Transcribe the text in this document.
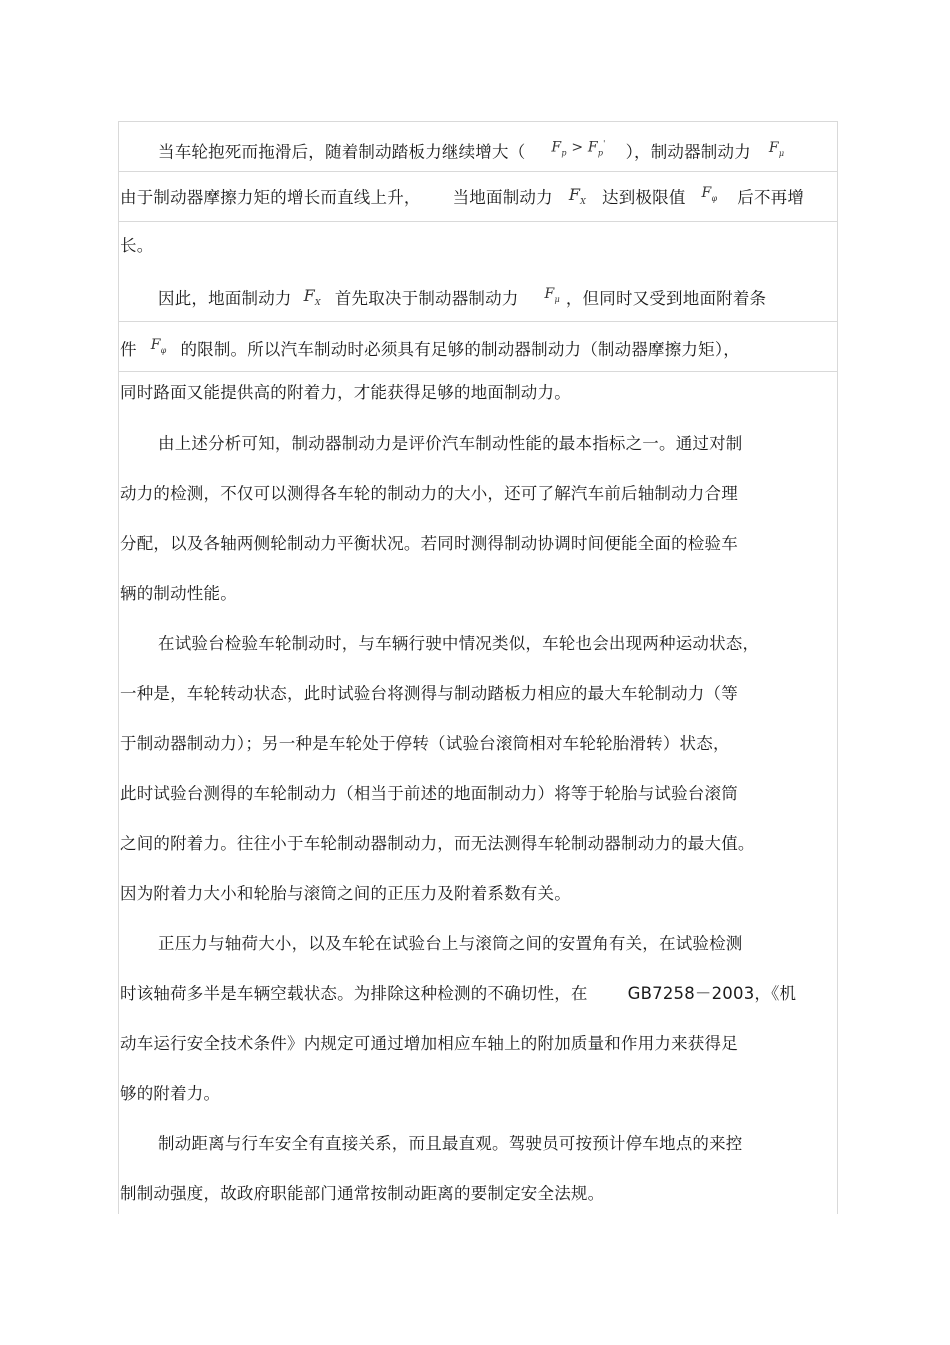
当车轮抱死而拖滑后，随着制动踏板力继续增大（ $F_p > F_p'$ ），制动器制动力 $F_\mu$
由于制动器摩擦力矩的增长而直线上升， 当地面制动力 $F_X$ 达到极限值 $F_\varphi$ 后不再增
长。
因此，地面制动力 $F_X$ 首先取决于制动器制动力 $F_\mu$ ，但同时又受到地面附着条
件 $F_\varphi$ 的限制。所以汽车制动时必须具有足够的制动器制动力（制动器摩擦力矩），
同时路面又能提供高的附着力，才能获得足够的地面制动力。
由上述分析可知，制动器制动力是评价汽车制动性能的最本指标之一。通过对制
动力的检测，不仅可以测得各车轮的制动力的大小，还可了解汽车前后轴制动力合理
分配，以及各轴两侧轮制动力平衡状况。若同时测得制动协调时间便能全面的检验车
辆的制动性能。
在试验台检验车轮制动时，与车辆行驶中情况类似，车轮也会出现两种运动状态，
一种是，车轮转动状态，此时试验台将测得与制动踏板力相应的最大车轮制动力（等
于制动器制动力）；另一种是车轮处于停转（试验台滚筒相对车轮轮胎滑转）状态，
此时试验台测得的车轮制动力（相当于前述的地面制动力）将等于轮胎与试验台滚筒
之间的附着力。往往小于车轮制动器制动力，而无法测得车轮制动器制动力的最大值。
因为附着力大小和轮胎与滚筒之间的正压力及附着系数有关。
正压力与轴荷大小，以及车轮在试验台上与滚筒之间的安置角有关，在试验检测
时该轴荷多半是车辆空载状态。为排除这种检测的不确切性，在 GB7258－2003，《机
动车运行安全技术条件》内规定可通过增加相应车轴上的附加质量和作用力来获得足
够的附着力。
制动距离与行车安全有直接关系，而且最直观。驾驶员可按预计停车地点的来控
制制动强度，故政府职能部门通常按制动距离的要制定安全法规。
